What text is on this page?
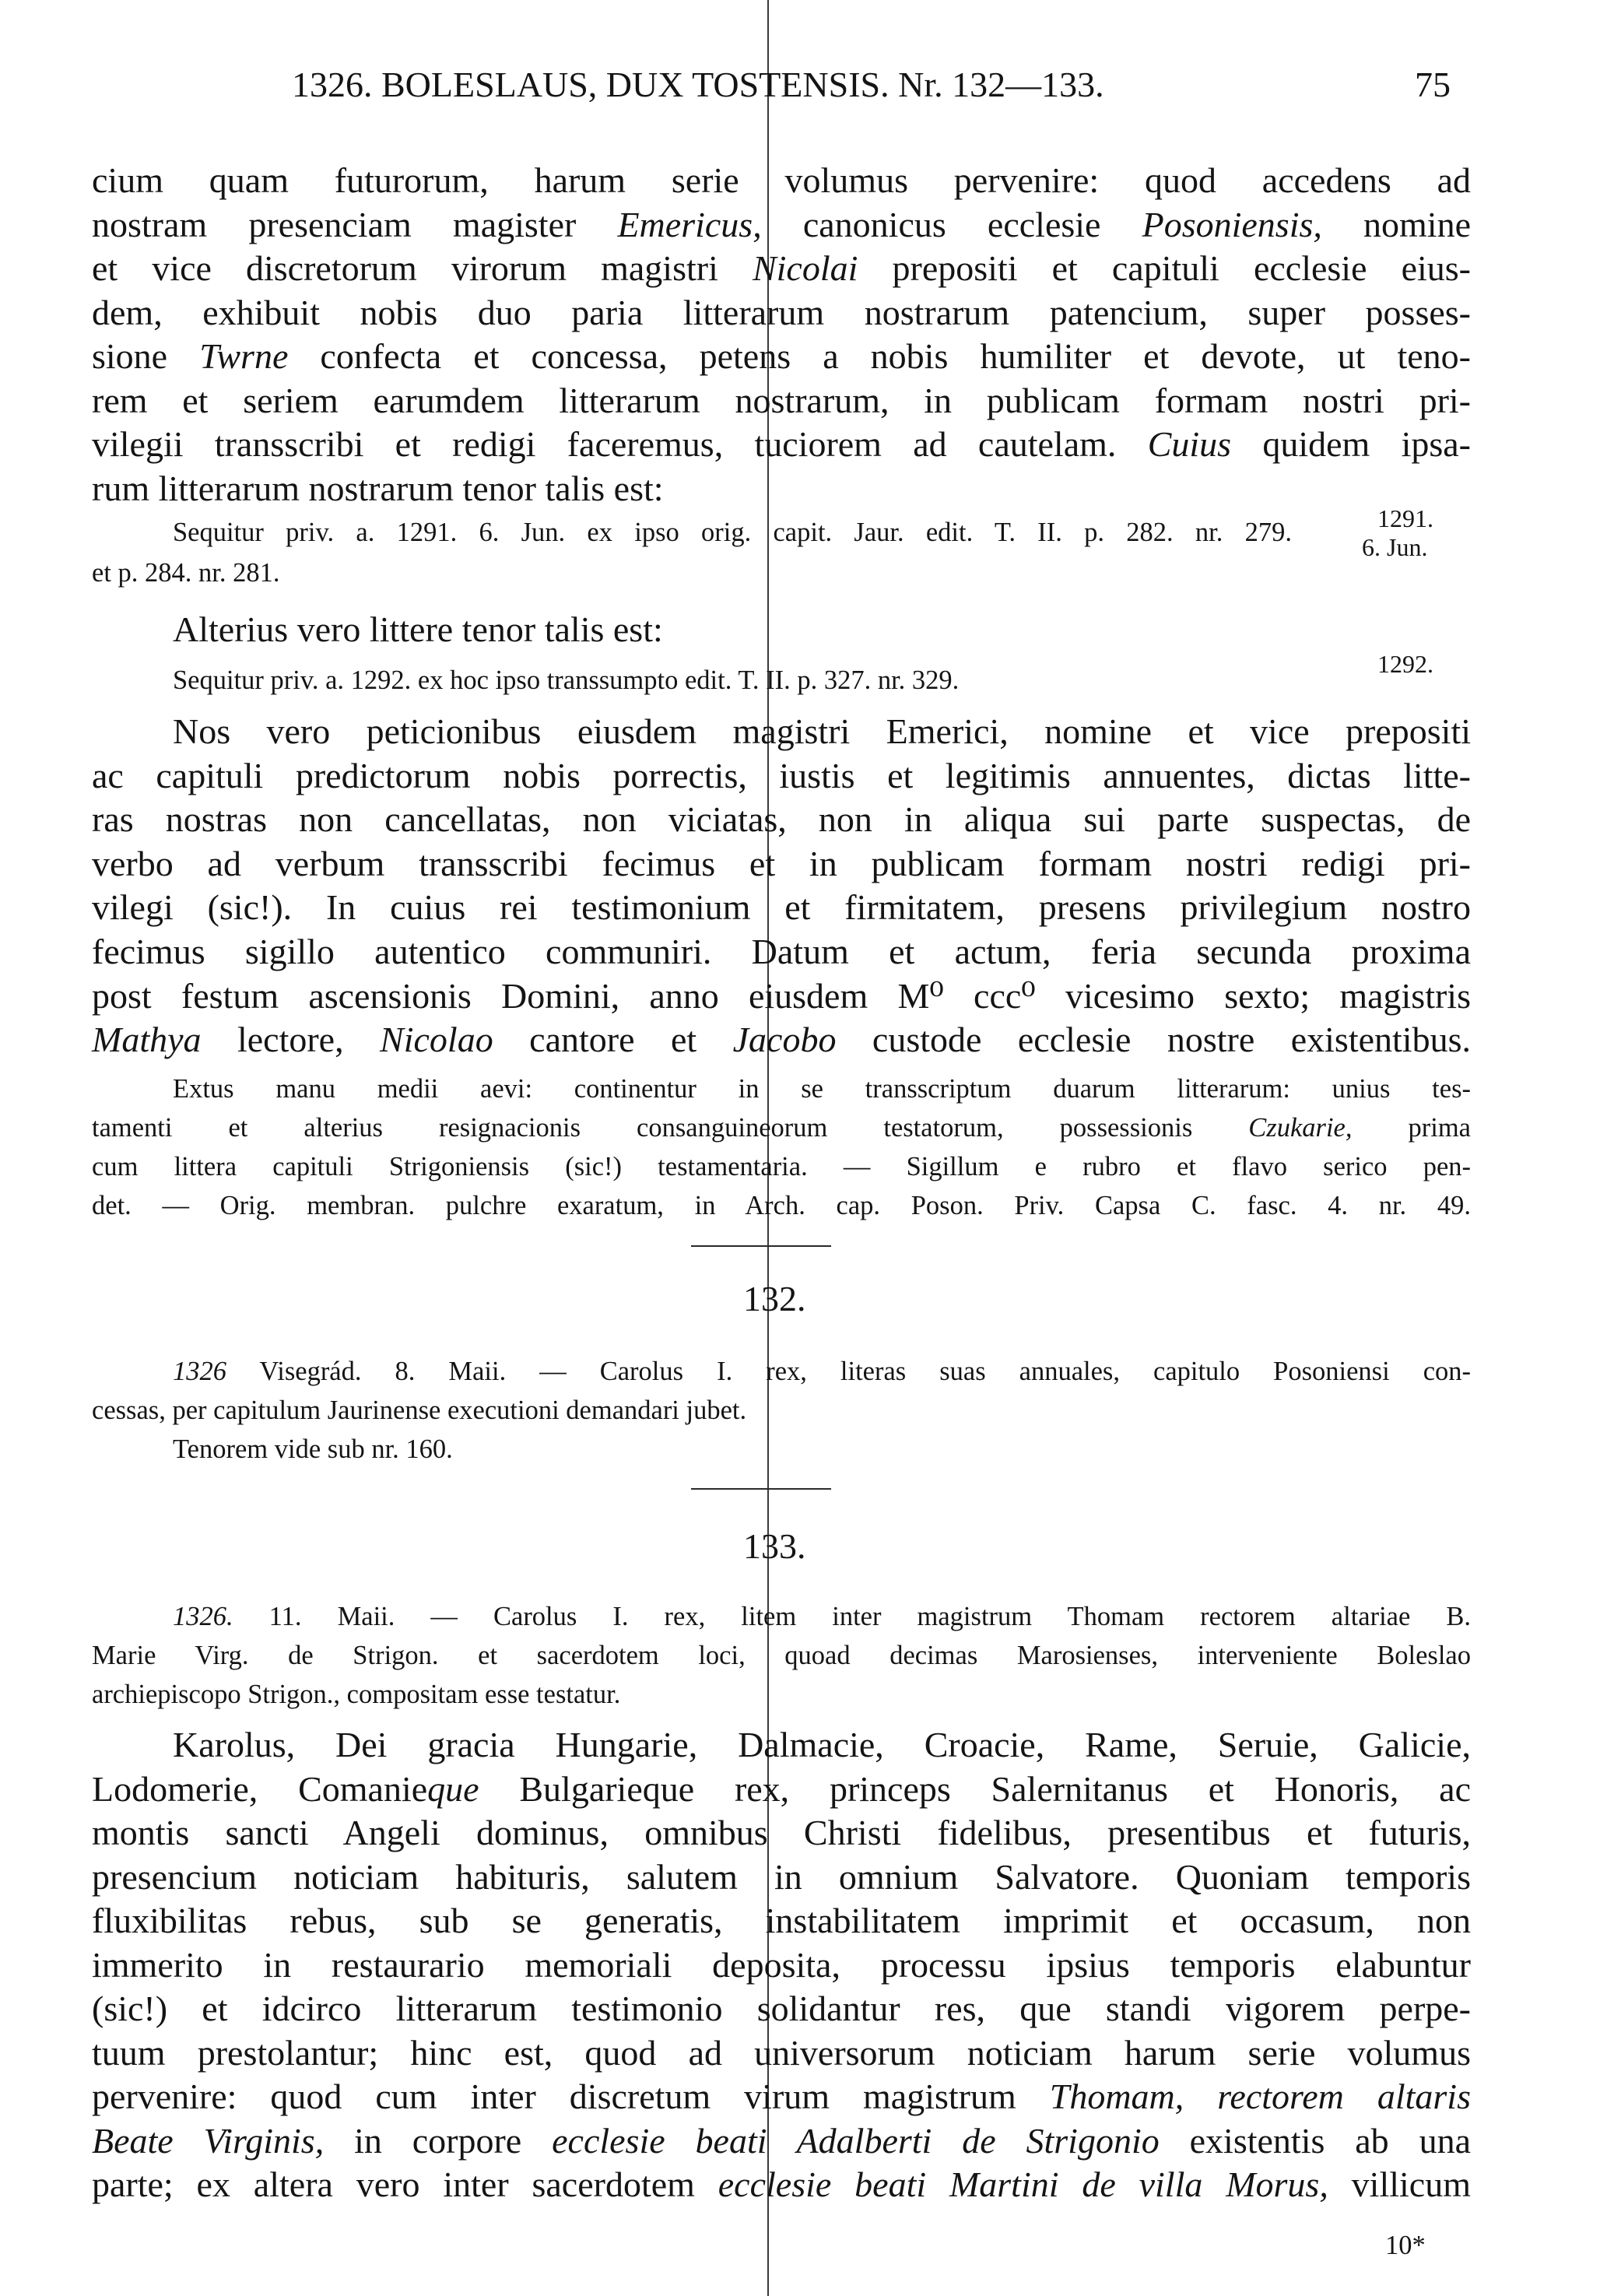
1326. BOLESLAUS, DUX TOSTENSIS. Nr. 132—133.	75
cium quam futurorum, harum serie volumus pervenire: quod accedens ad
nostram presenciam magister Emericus, canonicus ecclesie Posoniensis, nomine
et vice discretorum virorum magistri Nicolai prepositi et capituli ecclesie eius-
dem, exhibuit nobis duo paria litterarum nostrarum patencium, super posses-
sione Twrne confecta et concessa, petens a nobis humiliter et devote, ut teno-
rem et seriem earumdem litterarum nostrarum, in publicam formam nostri pri-
vilegii transscribi et redigi faceremus, tuciorem ad cautelam. Cuius quidem ipsa-
rum litterarum nostrarum tenor talis est:
Sequitur priv. a. 1291. 6. Jun. ex ipso orig. capit. Jaur. edit. T. II. p. 282. nr. 279.
et p. 284. nr. 281.
1291.
6. Jun.
Alterius vero littere tenor talis est:
Sequitur priv. a. 1292. ex hoc ipso transsumpto edit. T. II. p. 327. nr. 329.
1292.
Nos vero peticionibus eiusdem magistri Emerici, nomine et vice prepositi
ac capituli predictorum nobis porrectis, iustis et legitimis annuentes, dictas litte-
ras nostras non cancellatas, non viciatas, non in aliqua sui parte suspectas, de
verbo ad verbum transscribi fecimus et in publicam formam nostri redigi pri-
vilegi (sic!). In cuius rei testimonium et firmitatem, presens privilegium nostro
fecimus sigillo autentico communiri. Datum et actum, feria secunda proxima
post festum ascensionis Domini, anno eiusdem M⁰ ccc⁰ vicesimo sexto; magistris
Mathya lectore, Nicolao cantore et Jacobo custode ecclesie nostre existentibus.
Extus manu medii aevi: continentur in se transscriptum duarum litterarum: unius tes-
tamenti et alterius resignacionis consanguineorum testatorum, possessionis Czukarie, prima
cum littera capituli Strigoniensis (sic!) testamentaria. — Sigillum e rubro et flavo serico pen-
det. — Orig. membran. pulchre exaratum, in Arch. cap. Poson. Priv. Capsa C. fasc. 4. nr. 49.
132.
1326 Visegrád. 8. Maii. — Carolus I. rex, literas suas annuales, capitulo Posoniensi con-
cessas, per capitulum Jaurinense executioni demandari jubet.
Tenorem vide sub nr. 160.
133.
1326. 11. Maii. — Carolus I. rex, litem inter magistrum Thomam rectorem altariae B.
Marie Virg. de Strigon. et sacerdotem loci, quoad decimas Marosienses, interveniente Boleslao
archiepiscopo Strigon., compositam esse testatur.
Karolus, Dei gracia Hungarie, Dalmacie, Croacie, Rame, Seruie, Galicie,
Lodomerie, Comanieque Bulgarieque rex, princeps Salernitanus et Honoris, ac
montis sancti Angeli dominus, omnibus Christi fidelibus, presentibus et futuris,
presencium noticiam habituris, salutem in omnium Salvatore. Quoniam temporis
fluxibilitas rebus, sub se generatis, instabilitatem imprimit et occasum, non
immerito in restaurario memoriali deposita, processu ipsius temporis elabuntur
(sic!) et idcirco litterarum testimonio solidantur res, que standi vigorem perpe-
tuum prestolantur; hinc est, quod ad universorum noticiam harum serie volumus
pervenire: quod cum inter discretum virum magistrum Thomam, rectorem altaris
Beate Virginis, in corpore ecclesie beati Adalberti de Strigonio existentis ab una
parte; ex altera vero inter sacerdotem ecclesie beati Martini de villa Morus, villicum
10*
